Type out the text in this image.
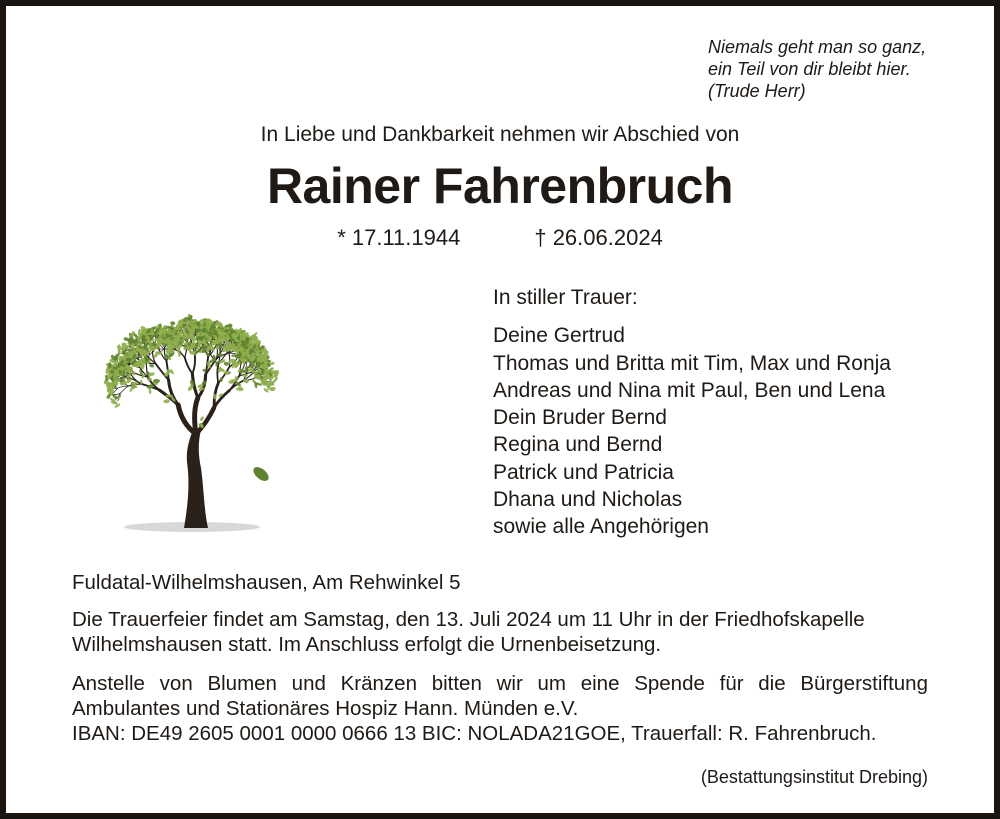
Niemals geht man so ganz,
ein Teil von dir bleibt hier.
(Trude Herr)
In Liebe und Dankbarkeit nehmen wir Abschied von
Rainer Fahrenbruch
* 17.11.1944	† 26.06.2024
In stiller Trauer:
Deine Gertrud
Thomas und Britta mit Tim, Max und Ronja
Andreas und Nina mit Paul, Ben und Lena
Dein Bruder Bernd
Regina und Bernd
Patrick und Patricia
Dhana und Nicholas
sowie alle Angehörigen
Fuldatal-Wilhelmshausen, Am Rehwinkel 5
Die Trauerfeier findet am Samstag, den 13. Juli 2024 um 11 Uhr in der Friedhofskapelle
Wilhelmshausen statt. Im Anschluss erfolgt die Urnenbeisetzung.
Anstelle von Blumen und Kränzen bitten wir um eine Spende für die Bürgerstiftung
Ambulantes und Stationäres Hospiz Hann. Münden e.V.
IBAN: DE49 2605 0001 0000 0666 13 BIC: NOLADA21GOE, Trauerfall: R. Fahrenbruch.
(Bestattungsinstitut Drebing)
